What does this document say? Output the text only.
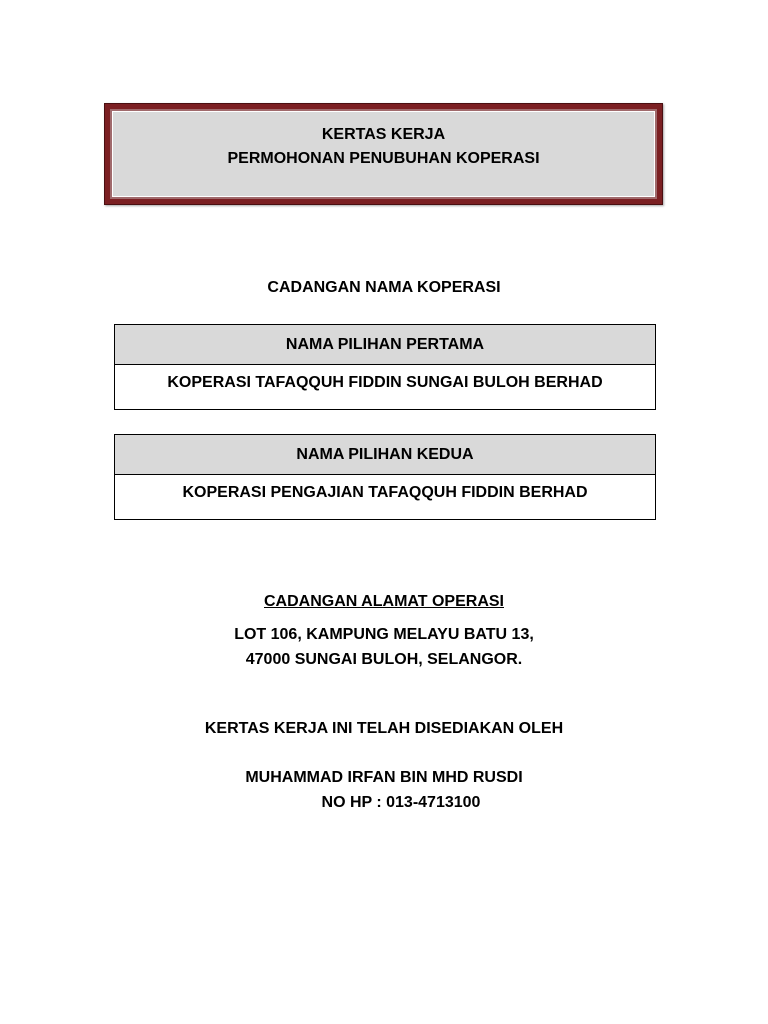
KERTAS KERJA
PERMOHONAN PENUBUHAN KOPERASI
CADANGAN NAMA KOPERASI
NAMA PILIHAN PERTAMA
KOPERASI TAFAQQUH FIDDIN SUNGAI BULOH BERHAD
NAMA PILIHAN KEDUA
KOPERASI PENGAJIAN TAFAQQUH FIDDIN BERHAD
CADANGAN ALAMAT OPERASI
LOT 106, KAMPUNG MELAYU BATU 13,
47000 SUNGAI BULOH, SELANGOR.
KERTAS KERJA INI TELAH DISEDIAKAN OLEH
MUHAMMAD IRFAN BIN MHD RUSDI
NO HP : 013-4713100
